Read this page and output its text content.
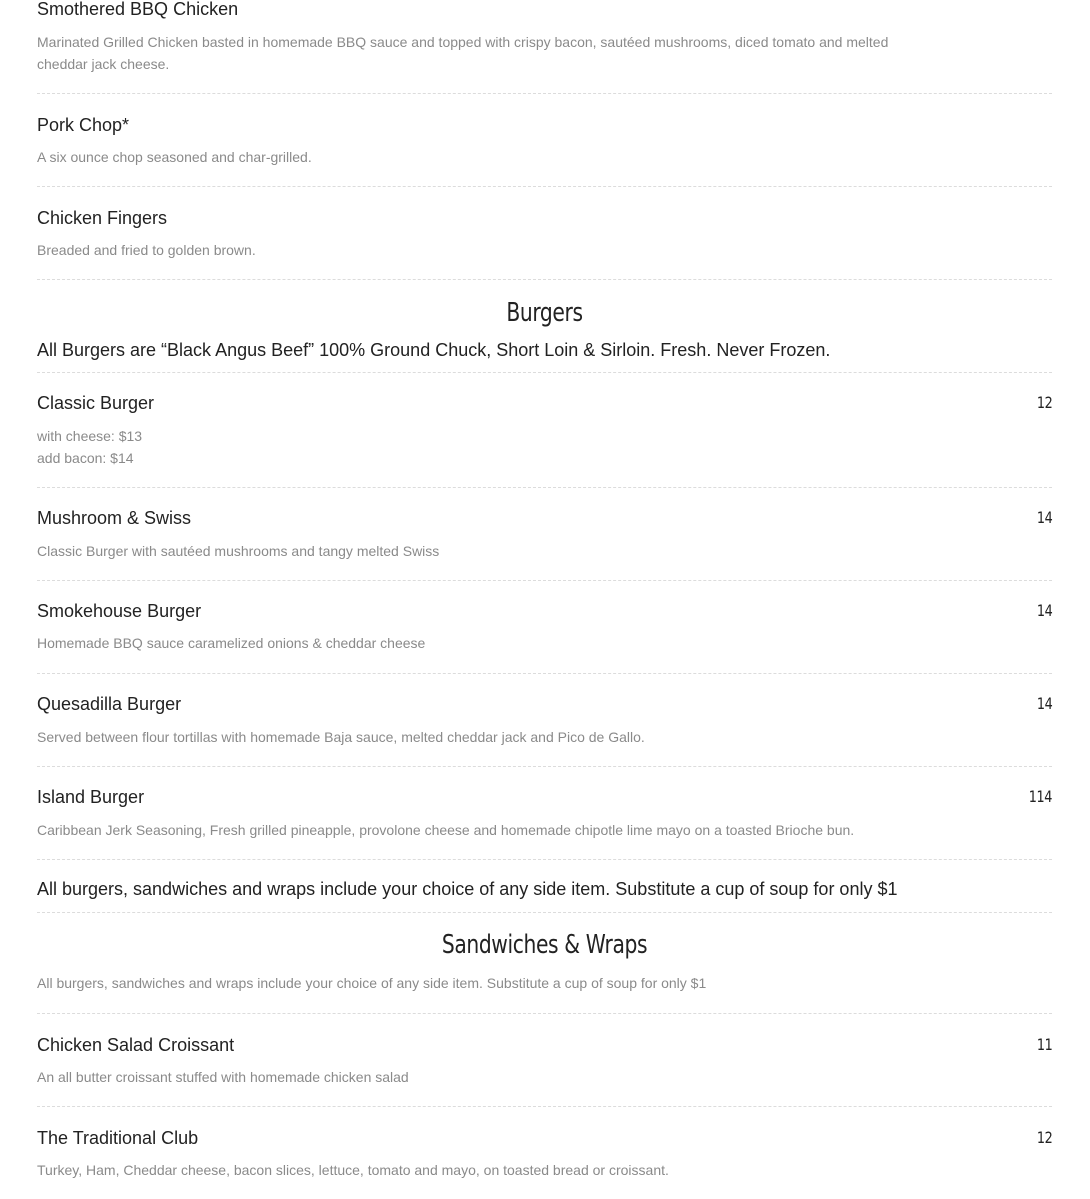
Smothered BBQ Chicken
Marinated Grilled Chicken basted in homemade BBQ sauce and topped with crispy bacon, sautéed mushrooms, diced tomato and melted
cheddar jack cheese.
Pork Chop*
A six ounce chop seasoned and char-grilled.
Chicken Fingers
Breaded and fried to golden brown.
Burgers
All Burgers are “Black Angus Beef” 100% Ground Chuck, Short Loin & Sirloin. Fresh. Never Frozen.
Classic Burger	12
with cheese: $13
add bacon: $14
Mushroom & Swiss	14
Classic Burger with sautéed mushrooms and tangy melted Swiss
Smokehouse Burger	14
Homemade BBQ sauce caramelized onions & cheddar cheese
Quesadilla Burger	14
Served between flour tortillas with homemade Baja sauce, melted cheddar jack and Pico de Gallo.
Island Burger	114
Caribbean Jerk Seasoning, Fresh grilled pineapple, provolone cheese and homemade chipotle lime mayo on a toasted Brioche bun.
All burgers, sandwiches and wraps include your choice of any side item. Substitute a cup of soup for only $1
Sandwiches & Wraps
All burgers, sandwiches and wraps include your choice of any side item. Substitute a cup of soup for only $1
Chicken Salad Croissant	11
An all butter croissant stuffed with homemade chicken salad
The Traditional Club	12
Turkey, Ham, Cheddar cheese, bacon slices, lettuce, tomato and mayo, on toasted bread or croissant.
